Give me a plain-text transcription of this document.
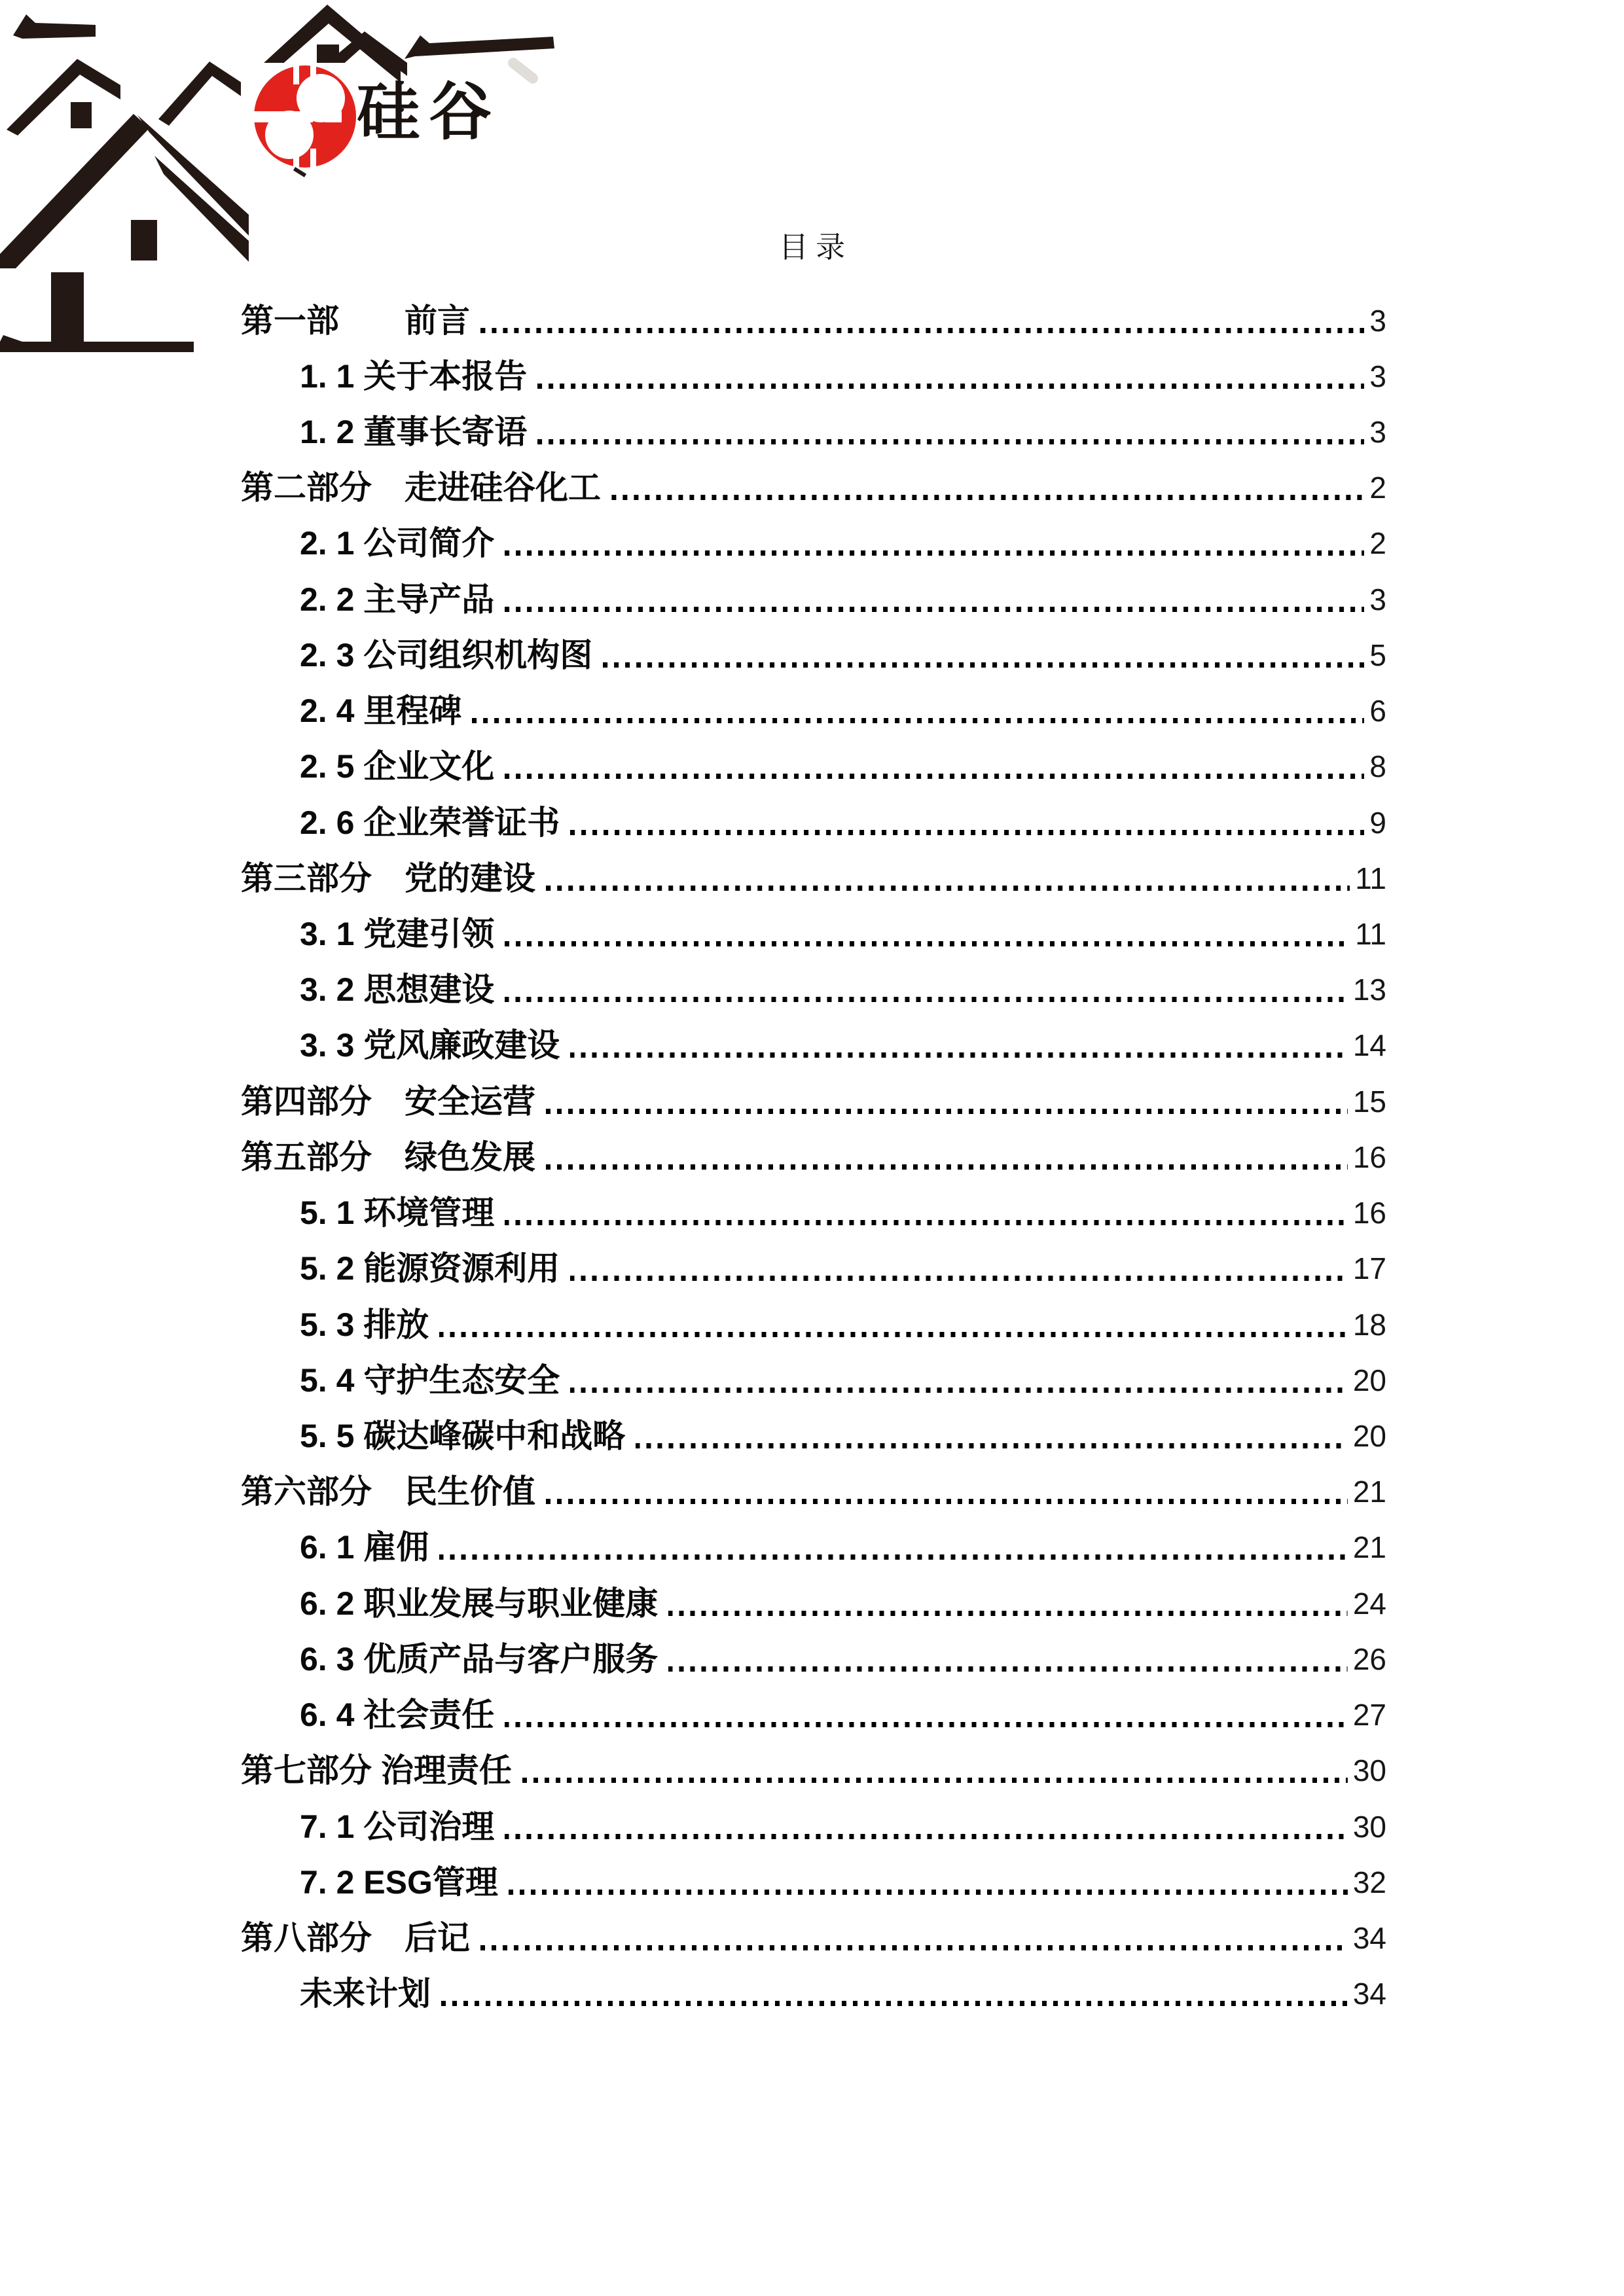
硅谷
目 录
第一部　　前言	3
1. 1 关于本报告	3
1. 2 董事长寄语	3
第二部分　走进硅谷化工	2
2. 1 公司简介	2
2. 2 主导产品	3
2. 3 公司组织机构图	5
2. 4 里程碑	6
2. 5 企业文化	8
2. 6 企业荣誉证书	9
第三部分　党的建设	11
3. 1 党建引领	11
3. 2 思想建设	13
3. 3 党风廉政建设	14
第四部分　安全运营	15
第五部分　绿色发展	16
5. 1 环境管理	16
5. 2 能源资源利用	17
5. 3 排放	18
5. 4 守护生态安全	20
5. 5 碳达峰碳中和战略	20
第六部分　民生价值	21
6. 1 雇佣	21
6. 2 职业发展与职业健康	24
6. 3 优质产品与客户服务	26
6. 4 社会责任	27
第七部分 治理责任	30
7. 1 公司治理	30
7. 2 ESG管理	32
第八部分　后记	34
未来计划	34
